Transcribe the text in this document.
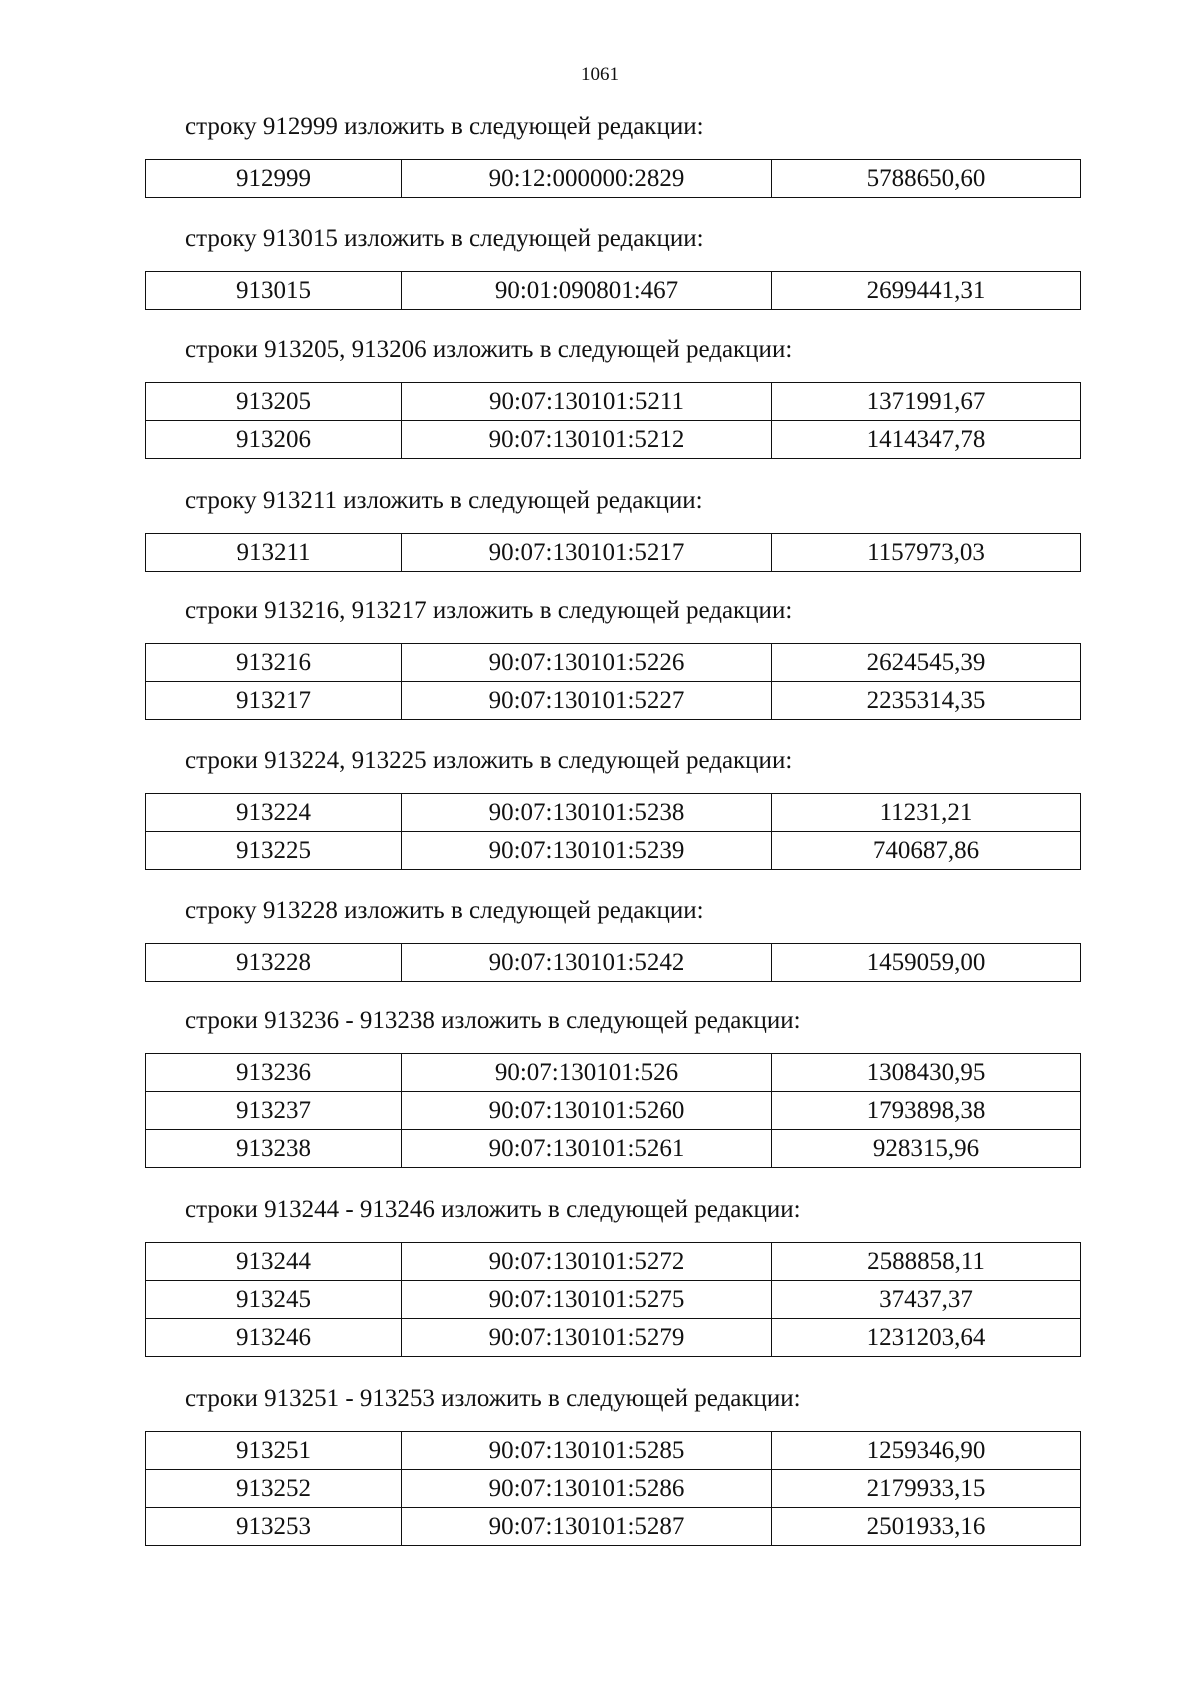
1061

строку 912999 изложить в следующей редакции:

912999	90:12:000000:2829	5788650,60

строку 913015 изложить в следующей редакции:

913015	90:01:090801:467	2699441,31

строки 913205, 913206 изложить в следующей редакции:

913205	90:07:130101:5211	1371991,67
913206	90:07:130101:5212	1414347,78

строку 913211 изложить в следующей редакции:

913211	90:07:130101:5217	1157973,03

строки 913216, 913217 изложить в следующей редакции:

913216	90:07:130101:5226	2624545,39
913217	90:07:130101:5227	2235314,35

строки 913224, 913225 изложить в следующей редакции:

913224	90:07:130101:5238	11231,21
913225	90:07:130101:5239	740687,86

строку 913228 изложить в следующей редакции:

913228	90:07:130101:5242	1459059,00

строки 913236 - 913238 изложить в следующей редакции:

913236	90:07:130101:526	1308430,95
913237	90:07:130101:5260	1793898,38
913238	90:07:130101:5261	928315,96

строки 913244 - 913246 изложить в следующей редакции:

913244	90:07:130101:5272	2588858,11
913245	90:07:130101:5275	37437,37
913246	90:07:130101:5279	1231203,64

строки 913251 - 913253 изложить в следующей редакции:

913251	90:07:130101:5285	1259346,90
913252	90:07:130101:5286	2179933,15
913253	90:07:130101:5287	2501933,16
